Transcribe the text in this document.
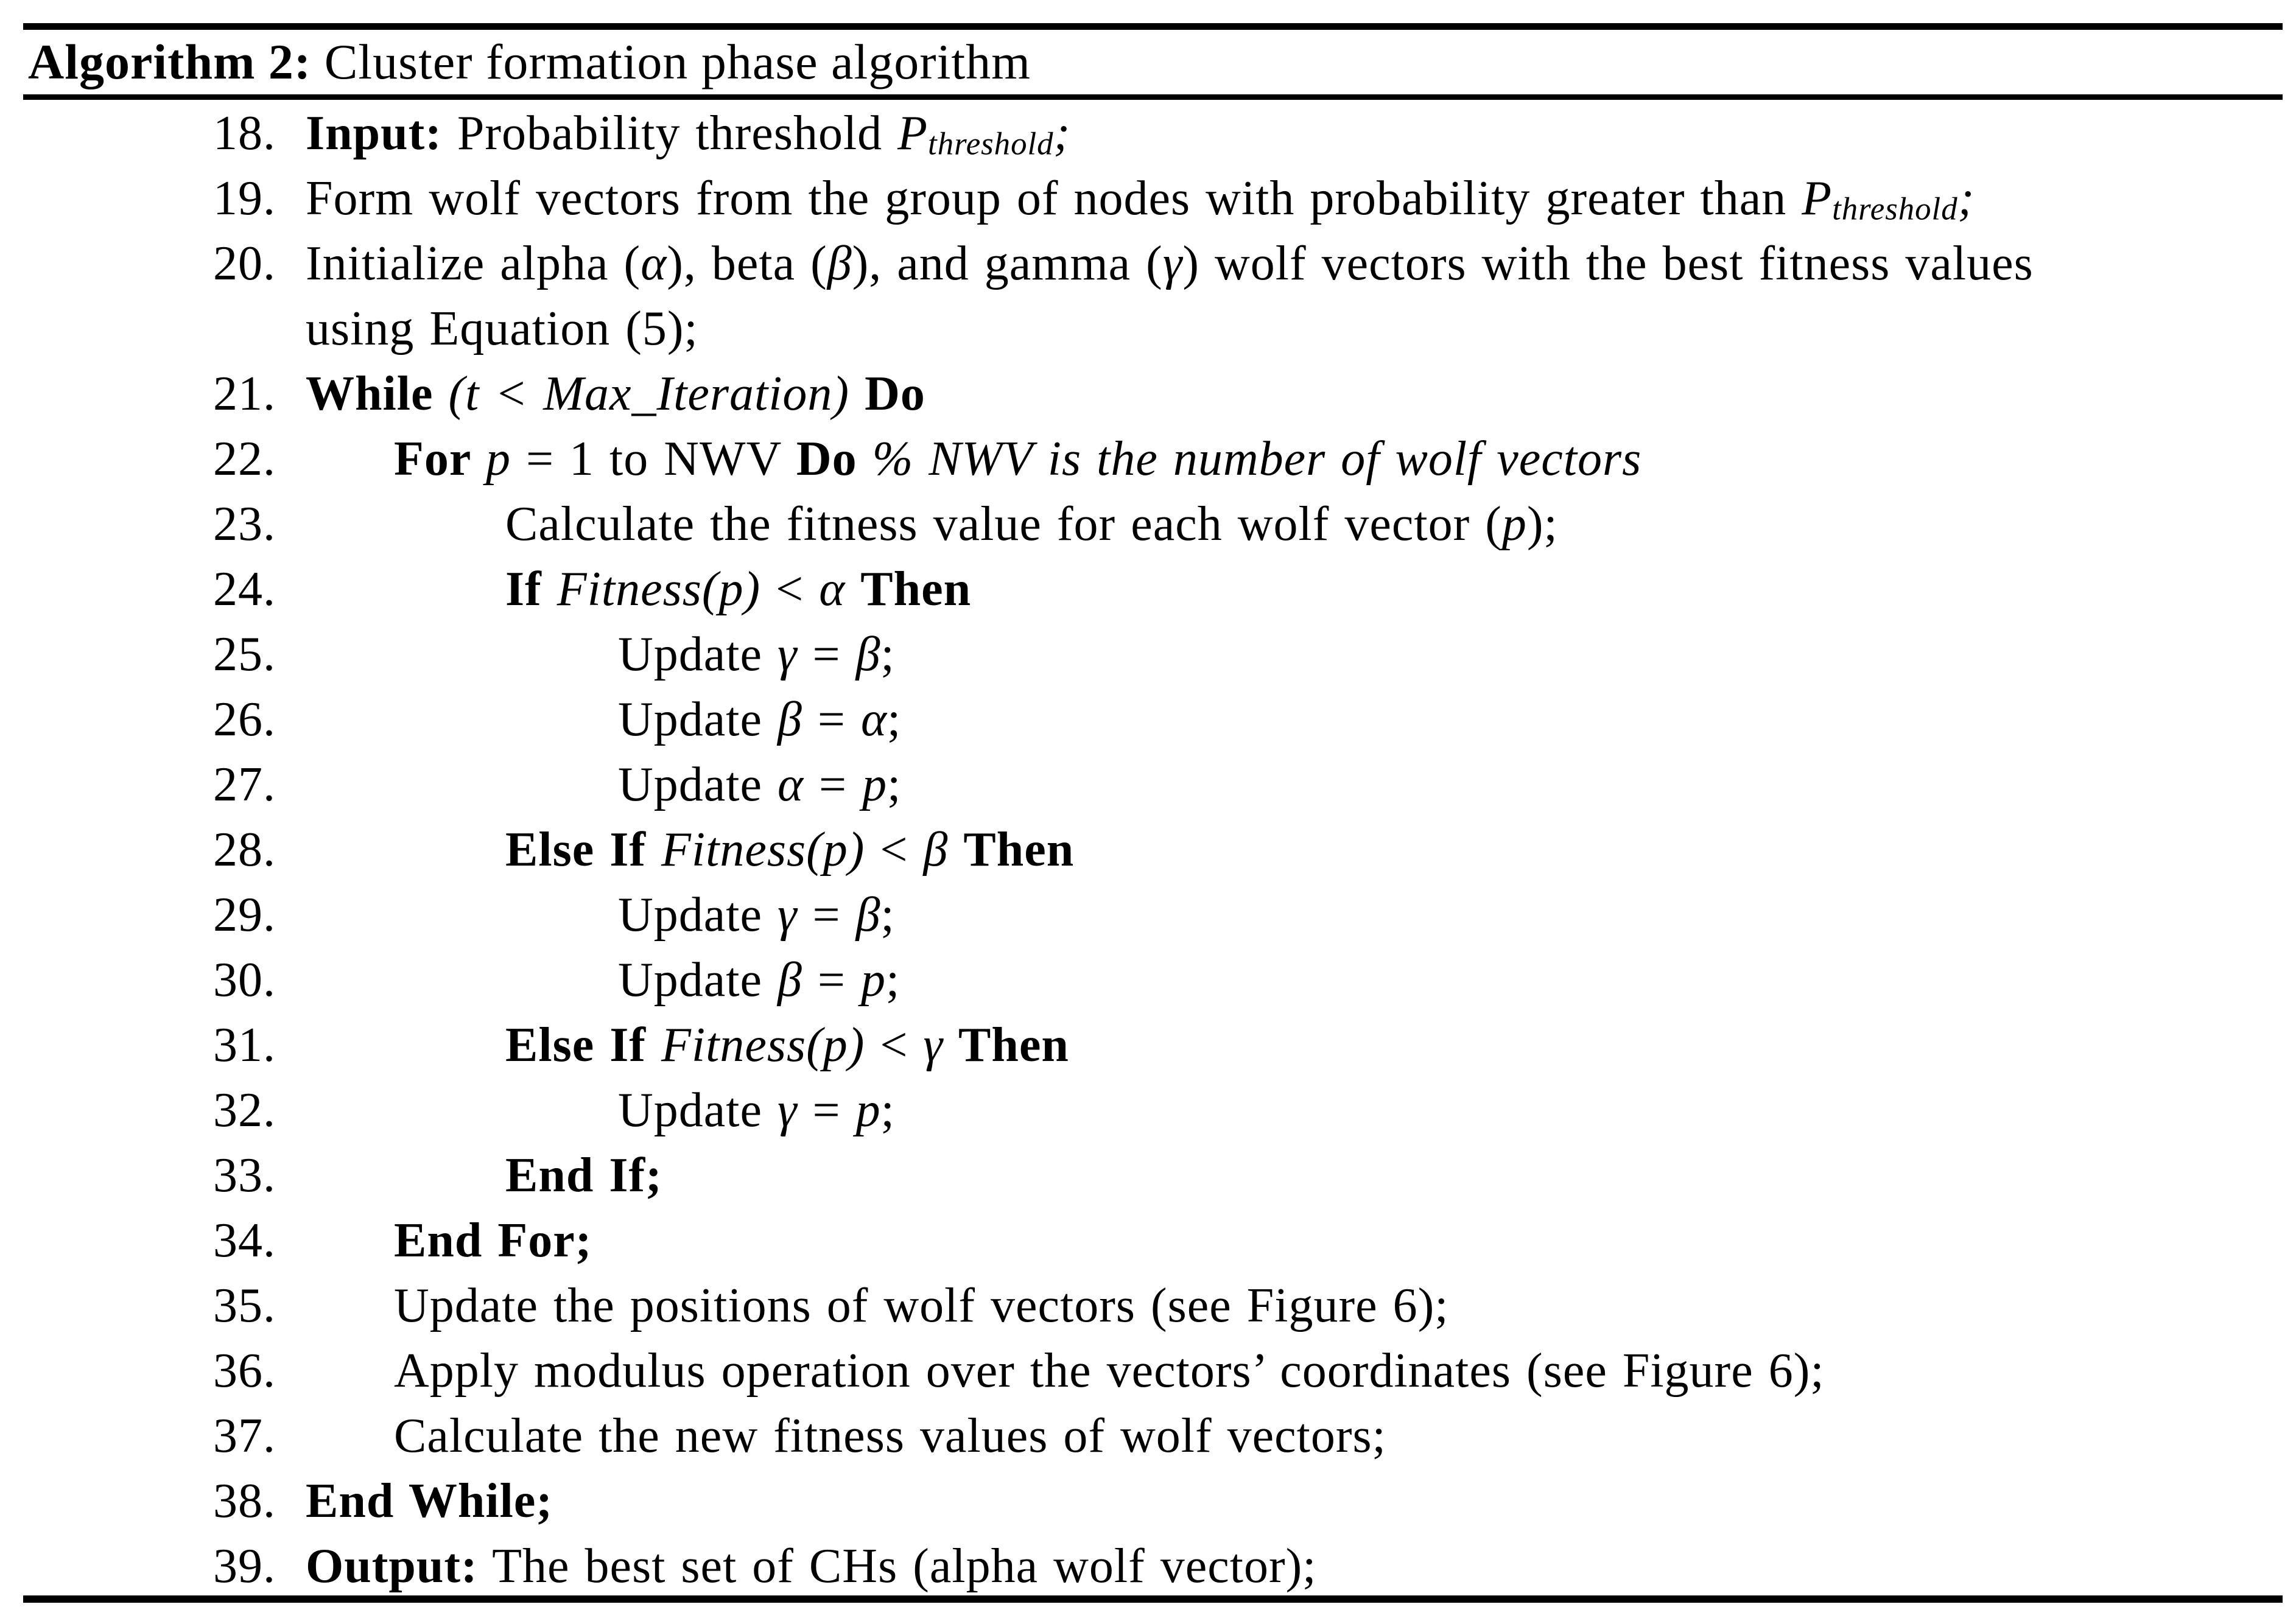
Algorithm 2: Cluster formation phase algorithm
18. Input: Probability threshold Pthreshold;
19. Form wolf vectors from the group of nodes with probability greater than Pthreshold;
20. Initialize alpha (α), beta (β), and gamma (γ) wolf vectors with the best fitness values
using Equation (5);
21. While (t < Max_Iteration) Do
22. For p = 1 to NWV Do % NWV is the number of wolf vectors
23.	Calculate the fitness value for each wolf vector (p);
24.	If Fitness(p) < α Then
25.	Update γ = β;
26.	Update β = α;
27.	Update α = p;
28.	Else If Fitness(p) < β Then
29.	Update γ = β;
30.	Update β = p;
31.	Else If Fitness(p) < γ Then
32.	Update γ = p;
33.	End If;
34. End For;
35. Update the positions of wolf vectors (see Figure 6);
36. Apply modulus operation over the vectors’ coordinates (see Figure 6);
37. Calculate the new fitness values of wolf vectors;
38. End While;
39. Output: The best set of CHs (alpha wolf vector);
